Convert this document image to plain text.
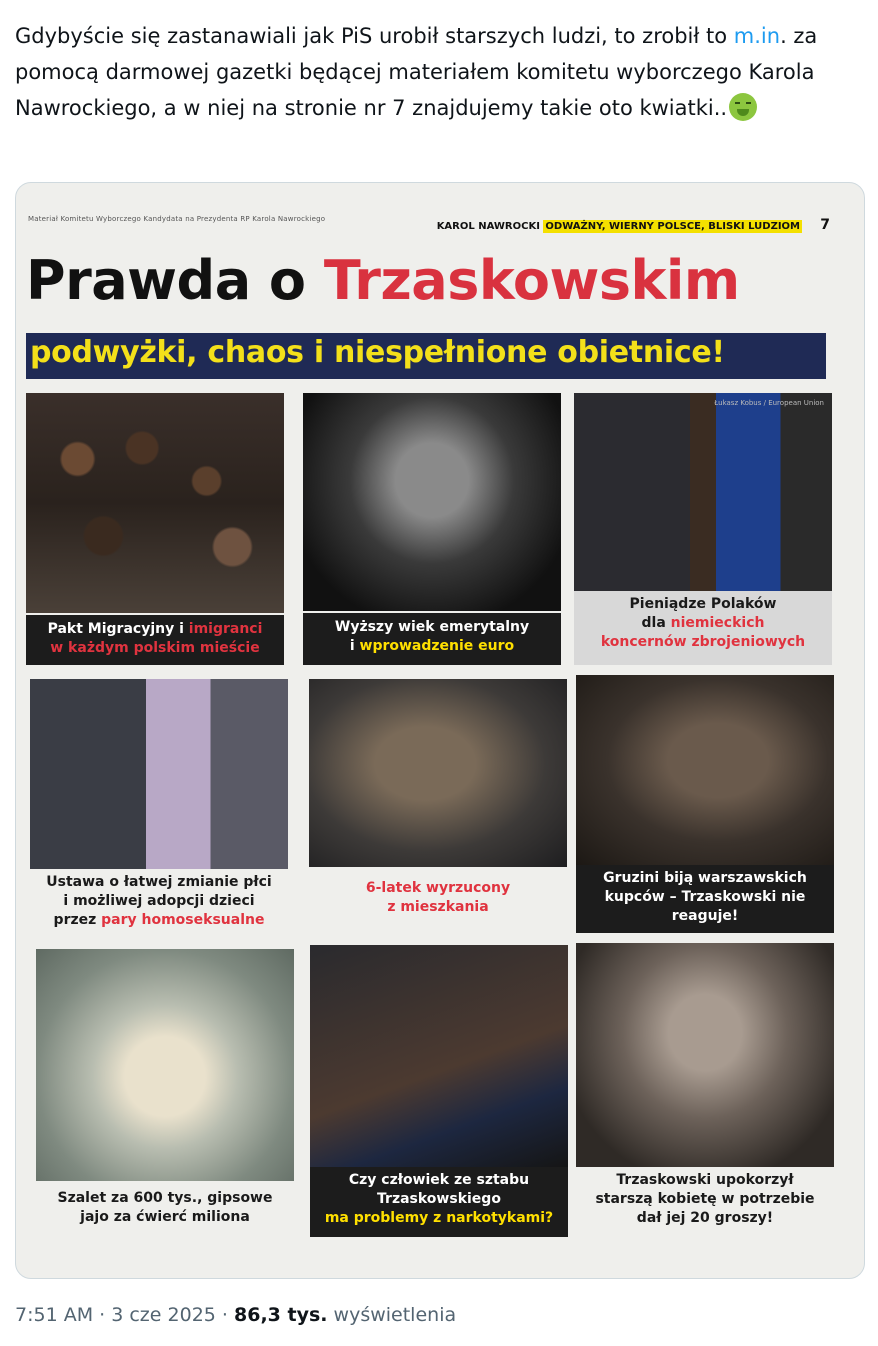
Gdybyście się zastanawiali jak PiS urobił starszych ludzi, to zrobił to m.in. za pomocą darmowej gazetki będącej materiałem komitetu wyborczego Karola Nawrockiego, a w niej na stronie nr 7 znajdujemy takie oto kwiatki..
Materiał Komitetu Wyborczego Kandydata na Prezydenta RP Karola Nawrockiego
KAROL NAWROCKI ODWAŻNY, WIERNY POLSCE, BLISKI LUDZIOM 7
Prawda o Trzaskowskim
podwyżki, chaos i niespełnione obietnice!
Pakt Migracyjny i imigranci
w każdym polskim mieście
Wyższy wiek emerytalny
i wprowadzenie euro
Łukasz Kobus / European Union
Pieniądze Polaków
dla niemieckich
koncernów zbrojeniowych
Ustawa o łatwej zmianie płci
i możliwej adopcji dzieci
przez pary homoseksualne
6-latek wyrzucony
z mieszkania
Gruzini biją warszawskich
kupców – Trzaskowski nie
reaguje!
Szalet za 600 tys., gipsowe
jajo za ćwierć miliona
Czy człowiek ze sztabu
Trzaskowskiego
ma problemy z narkotykami?
Trzaskowski upokorzył
starszą kobietę w potrzebie
dał jej 20 groszy!
7:51 AM · 3 cze 2025 · 86,3 tys. wyświetlenia
